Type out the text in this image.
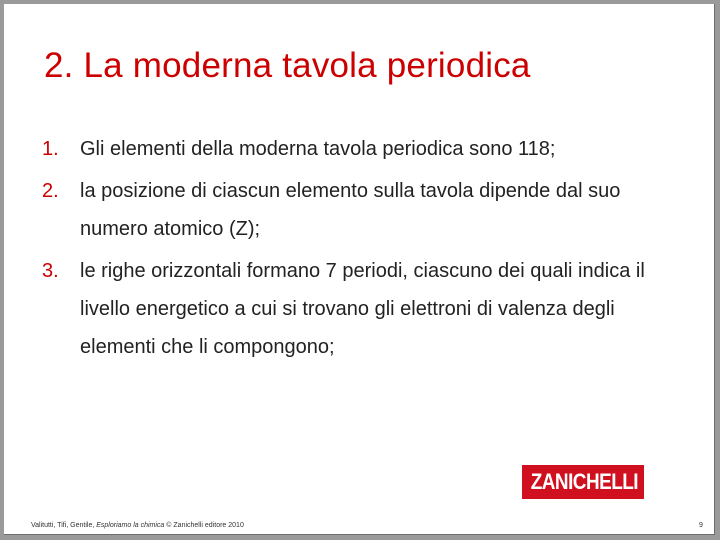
2. La moderna tavola periodica
1. Gli elementi della moderna tavola periodica sono 118;
2. la posizione di ciascun elemento sulla tavola dipende dal suo numero atomico (Z);
3. le righe orizzontali formano 7 periodi, ciascuno dei quali indica il livello energetico a cui si trovano gli elettroni di valenza degli elementi che li compongono;
ZANICHELLI
Valitutti, Tifi, Gentile, Esploriamo la chimica © Zanichelli editore 2010	9
